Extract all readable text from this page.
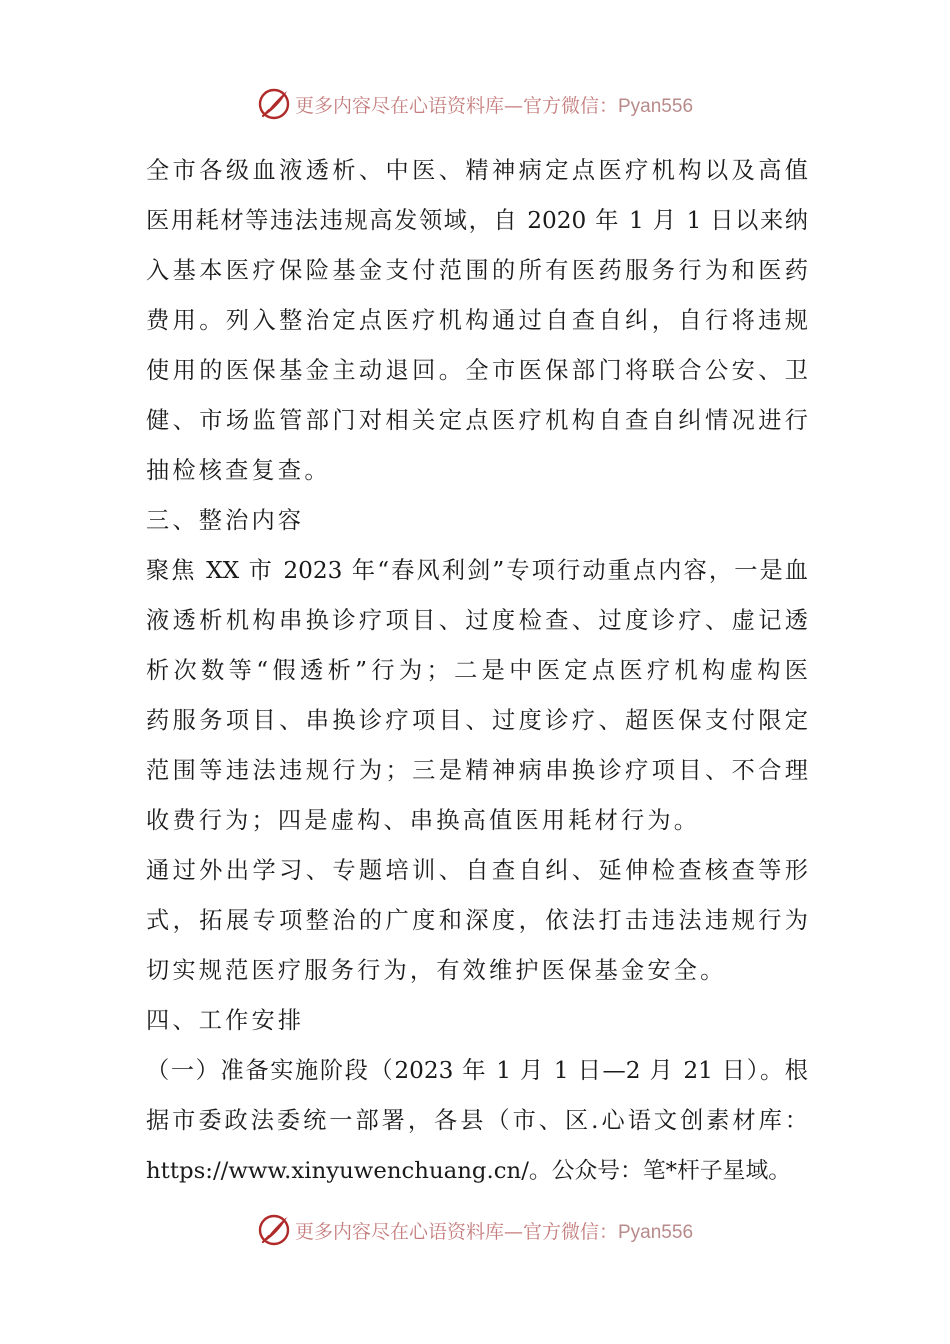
更多内容尽在心语资料库—官方微信：Pyan556
全市各级血液透析、中医、精神病定点医疗机构以及高值
医用耗材等违法违规高发领域，自 2020 年 1 月 1 日以来纳
入基本医疗保险基金支付范围的所有医药服务行为和医药
费用。列入整治定点医疗机构通过自查自纠，自行将违规
使用的医保基金主动退回。全市医保部门将联合公安、卫
健、市场监管部门对相关定点医疗机构自查自纠情况进行
抽检核查复查。
三、整治内容
聚焦 XX 市 2023 年“春风利剑”专项行动重点内容，一是血
液透析机构串换诊疗项目、过度检查、过度诊疗、虚记透
析次数等“假透析”行为；二是中医定点医疗机构虚构医
药服务项目、串换诊疗项目、过度诊疗、超医保支付限定
范围等违法违规行为；三是精神病串换诊疗项目、不合理
收费行为；四是虚构、串换高值医用耗材行为。
通过外出学习、专题培训、自查自纠、延伸检查核查等形
式，拓展专项整治的广度和深度，依法打击违法违规行为
切实规范医疗服务行为，有效维护医保基金安全。
四、工作安排
（一）准备实施阶段（2023 年 1 月 1 日—2 月 21 日）。根
据市委政法委统一部署，各县（市、区.心语文创素材库：
https://www.xinyuwenchuang.cn/。公众号：笔*杆子星域。
更多内容尽在心语资料库—官方微信：Pyan556
